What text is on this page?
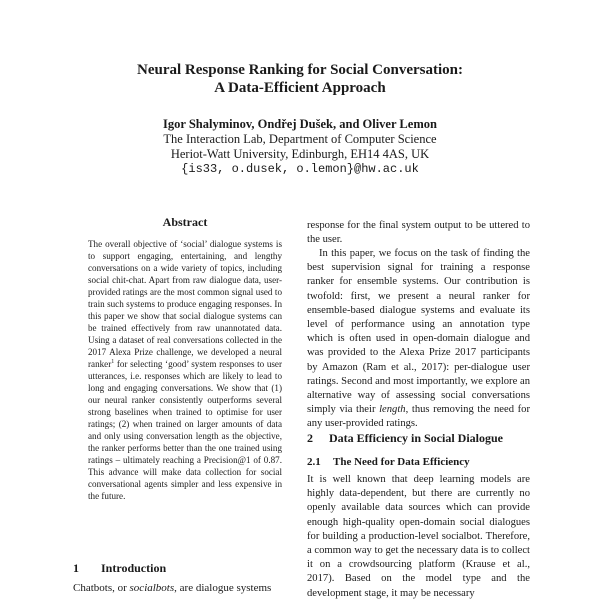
Neural Response Ranking for Social Conversation:
A Data-Efficient Approach
Igor Shalyminov, Ondřej Dušek, and Oliver Lemon
The Interaction Lab, Department of Computer Science
Heriot-Watt University, Edinburgh, EH14 4AS, UK
{is33, o.dusek, o.lemon}@hw.ac.uk
Abstract
The overall objective of ‘social’ dialogue systems is to support engaging, entertaining, and lengthy conversations on a wide variety of topics, including social chit-chat. Apart from raw dialogue data, user-provided ratings are the most common signal used to train such systems to produce engaging responses. In this paper we show that social dialogue systems can be trained effectively from raw unannotated data. Using a dataset of real conversations collected in the 2017 Alexa Prize challenge, we developed a neural ranker$^1$ for selecting ‘good’ system responses to user utterances, i.e. responses which are likely to lead to long and engaging conversations. We show that (1) our neural ranker consistently outperforms several strong baselines when trained to optimise for user ratings; (2) when trained on larger amounts of data and only using conversation length as the objective, the ranker performs better than the one trained using ratings – ultimately reaching a Precision@1 of 0.87. This advance will make data collection for social conversational agents simpler and less expensive in the future.
1 Introduction
Chatbots, or socialbots, are dialogue systems
response for the final system output to be uttered to the user.
In this paper, we focus on the task of finding the best supervision signal for training a response ranker for ensemble systems. Our contribution is twofold: first, we present a neural ranker for ensemble-based dialogue systems and evaluate its level of performance using an annotation type which is often used in open-domain dialogue and was provided to the Alexa Prize 2017 participants by Amazon (Ram et al., 2017): per-dialogue user ratings. Second and most importantly, we explore an alternative way of assessing social conversations simply via their length, thus removing the need for any user-provided ratings.
2 Data Efficiency in Social Dialogue
2.1 The Need for Data Efficiency
It is well known that deep learning models are highly data-dependent, but there are currently no openly available data sources which can provide enough high-quality open-domain social dialogues for building a production-level socialbot. Therefore, a common way to get the necessary data is to collect it on a crowdsourcing platform (Krause et al., 2017). Based on the model type and the development stage, it may be necessary
